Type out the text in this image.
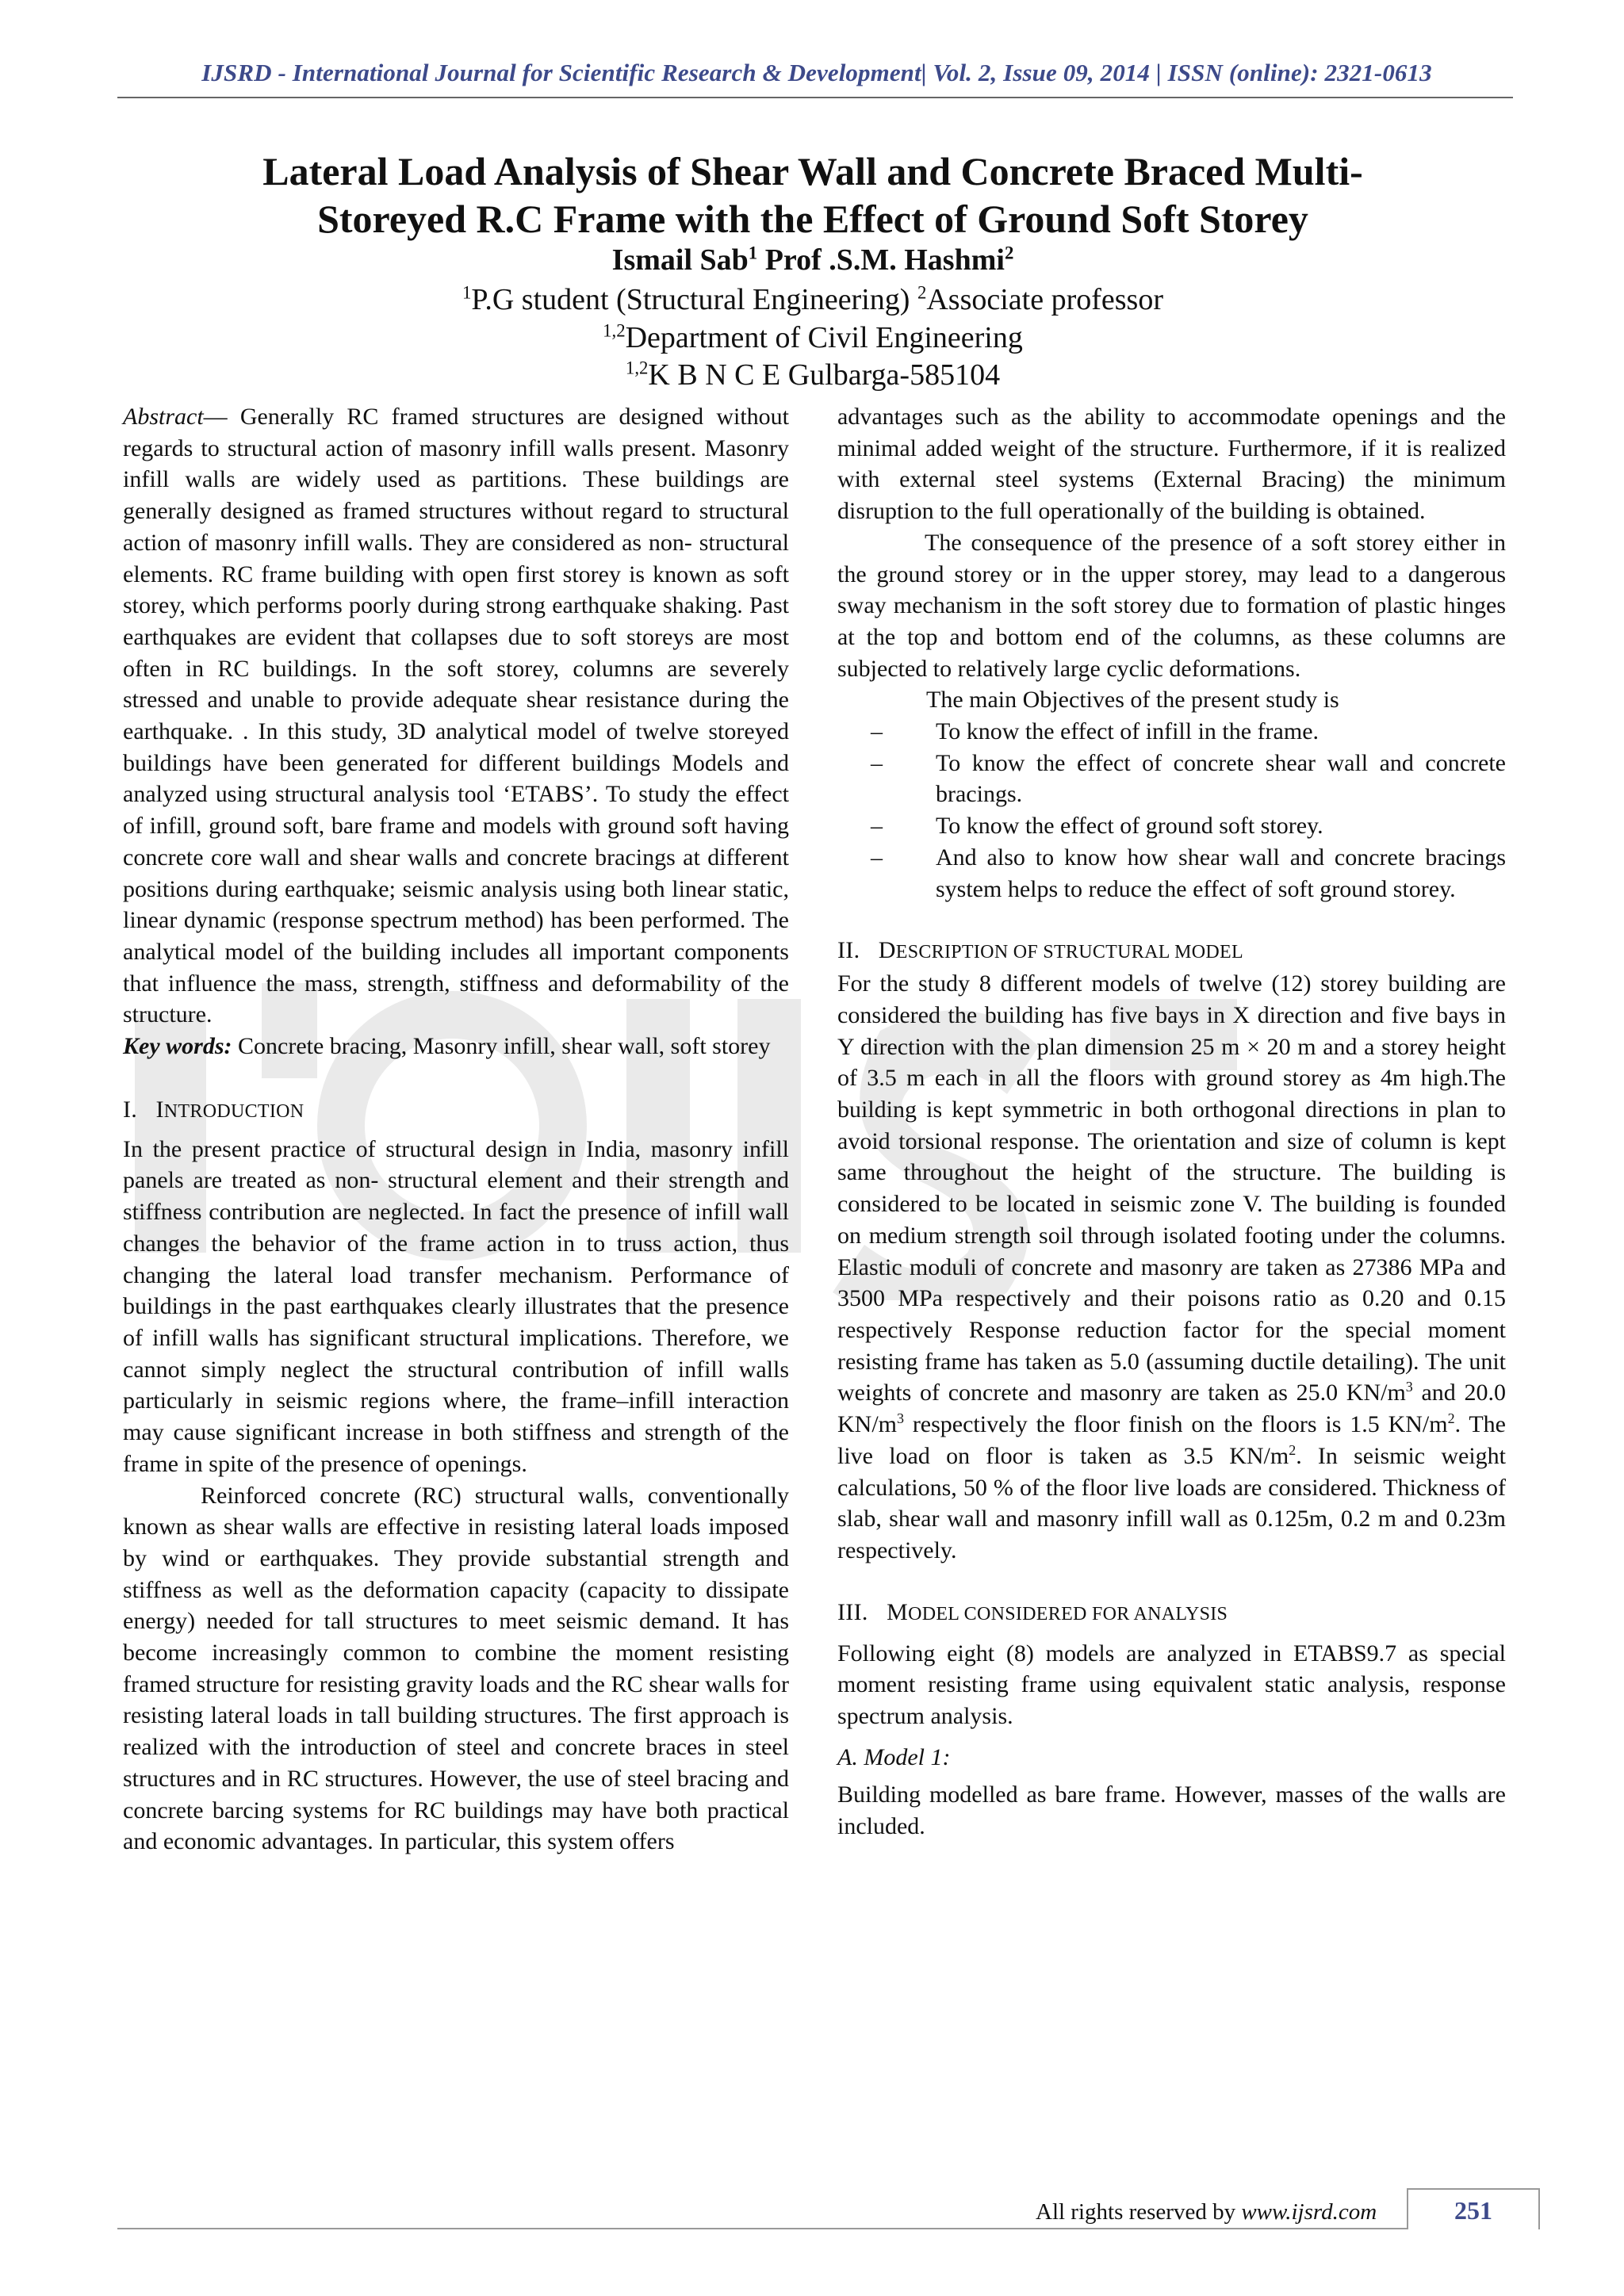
IJSRD - International Journal for Scientific Research & Development| Vol. 2, Issue 09, 2014 | ISSN (online): 2321-0613
Lateral Load Analysis of Shear Wall and Concrete Braced Multi-
Storeyed R.C Frame with the Effect of Ground Soft Storey
Ismail Sab$^1$ Prof .S.M. Hashmi$^2$
$^1$P.G student (Structural Engineering) $^2$Associate professor
$^{1,2}$Department of Civil Engineering
$^{1,2}$K B N C E Gulbarga-585104

Abstract— Generally RC framed structures are designed without regards to structural action of masonry infill walls present. Masonry infill walls are widely used as partitions. These buildings are generally designed as framed structures without regard to structural action of masonry infill walls. They are considered as non- structural elements. RC frame building with open first storey is known as soft storey, which performs poorly during strong earthquake shaking. Past earthquakes are evident that collapses due to soft storeys are most often in RC buildings. In the soft storey, columns are severely stressed and unable to provide adequate shear resistance during the earthquake. . In this study, 3D analytical model of twelve storeyed buildings have been generated for different buildings Models and analyzed using structural analysis tool ‘ETABS’. To study the effect of infill, ground soft, bare frame and models with ground soft having concrete core wall and shear walls and concrete bracings at different positions during earthquake; seismic analysis using both linear static, linear dynamic (response spectrum method) has been performed. The analytical model of the building includes all important components that influence the mass, strength, stiffness and deformability of the structure.

Key words: Concrete bracing, Masonry infill, shear wall, soft storey

I. INTRODUCTION

In the present practice of structural design in India, masonry infill panels are treated as non- structural element and their strength and stiffness contribution are neglected. In fact the presence of infill wall changes the behavior of the frame action in to truss action, thus changing the lateral load transfer mechanism. Performance of buildings in the past earthquakes clearly illustrates that the presence of infill walls has significant structural implications. Therefore, we cannot simply neglect the structural contribution of infill walls particularly in seismic regions where, the frame–infill interaction may cause significant increase in both stiffness and strength of the frame in spite of the presence of openings.

Reinforced concrete (RC) structural walls, conventionally known as shear walls are effective in resisting lateral loads imposed by wind or earthquakes. They provide substantial strength and stiffness as well as the deformation capacity (capacity to dissipate energy) needed for tall structures to meet seismic demand. It has become increasingly common to combine the moment resisting framed structure for resisting gravity loads and the RC shear walls for resisting lateral loads in tall building structures. The first approach is realized with the introduction of steel and concrete braces in steel structures and in RC structures. However, the use of steel bracing and concrete barcing systems for RC buildings may have both practical and economic advantages. In particular, this system offers

advantages such as the ability to accommodate openings and the minimal added weight of the structure. Furthermore, if it is realized with external steel systems (External Bracing) the minimum disruption to the full operationally of the building is obtained.

The consequence of the presence of a soft storey either in the ground storey or in the upper storey, may lead to a dangerous sway mechanism in the soft storey due to formation of plastic hinges at the top and bottom end of the columns, as these columns are subjected to relatively large cyclic deformations.

The main Objectives of the present study is

– To know the effect of infill in the frame.
– To know the effect of concrete shear wall and concrete bracings.
– To know the effect of ground soft storey.
– And also to know how shear wall and concrete bracings system helps to reduce the effect of soft ground storey.

II. DESCRIPTION OF STRUCTURAL MODEL

For the study 8 different models of twelve (12) storey building are considered the building has five bays in X direction and five bays in Y direction with the plan dimension 25 m × 20 m and a storey height of 3.5 m each in all the floors with ground storey as 4m high.The building is kept symmetric in both orthogonal directions in plan to avoid torsional response. The orientation and size of column is kept same throughout the height of the structure. The building is considered to be located in seismic zone V. The building is founded on medium strength soil through isolated footing under the columns. Elastic moduli of concrete and masonry are taken as 27386 MPa and 3500 MPa respectively and their poisons ratio as 0.20 and 0.15 respectively Response reduction factor for the special moment resisting frame has taken as 5.0 (assuming ductile detailing). The unit weights of concrete and masonry are taken as 25.0 $KN/m^3$ and 20.0 $KN/m^3$ respectively the floor finish on the floors is 1.5 $KN/m^2$. The live load on floor is taken as 3.5 $KN/m^2$. In seismic weight calculations, 50 % of the floor live loads are considered. Thickness of slab, shear wall and masonry infill wall as 0.125m, 0.2 m and 0.23m respectively.

III. MODEL CONSIDERED FOR ANALYSIS

Following eight (8) models are analyzed in ETABS9.7 as special moment resisting frame using equivalent static analysis, response spectrum analysis.

A. Model 1:

Building modelled as bare frame. However, masses of the walls are included.

All rights reserved by www.ijsrd.com	251
